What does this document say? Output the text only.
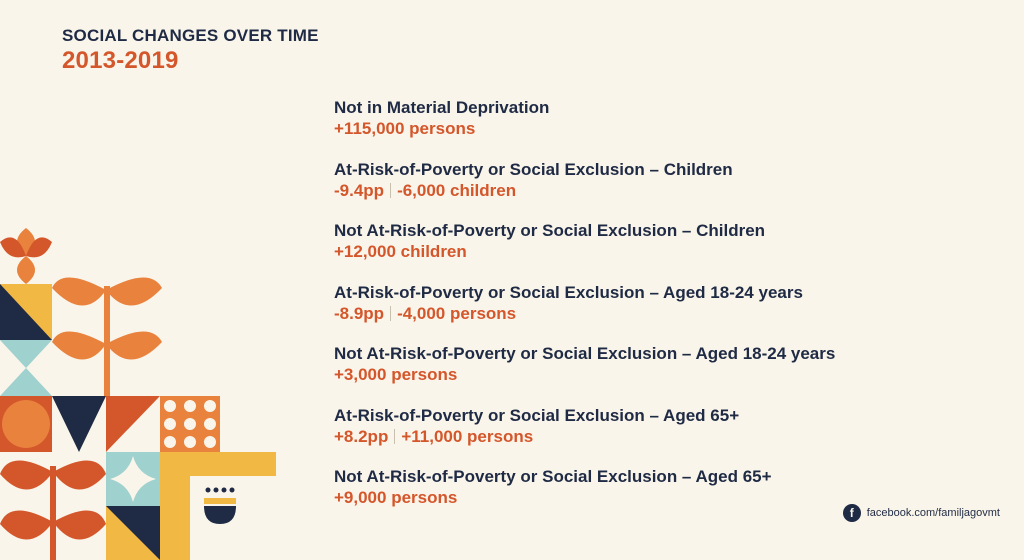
SOCIAL CHANGES OVER TIME
2013-2019
Not in Material Deprivation
+115,000 persons
At-Risk-of-Poverty or Social Exclusion – Children
-9.4pp -6,000 children
Not At-Risk-of-Poverty or Social Exclusion – Children
+12,000 children
At-Risk-of-Poverty or Social Exclusion – Aged 18-24 years
-8.9pp -4,000 persons
Not At-Risk-of-Poverty or Social Exclusion – Aged 18-24 years
+3,000 persons
At-Risk-of-Poverty or Social Exclusion – Aged 65+
+8.2pp +11,000 persons
Not At-Risk-of-Poverty or Social Exclusion – Aged 65+
+9,000 persons
f	facebook.com/familjagovmt
